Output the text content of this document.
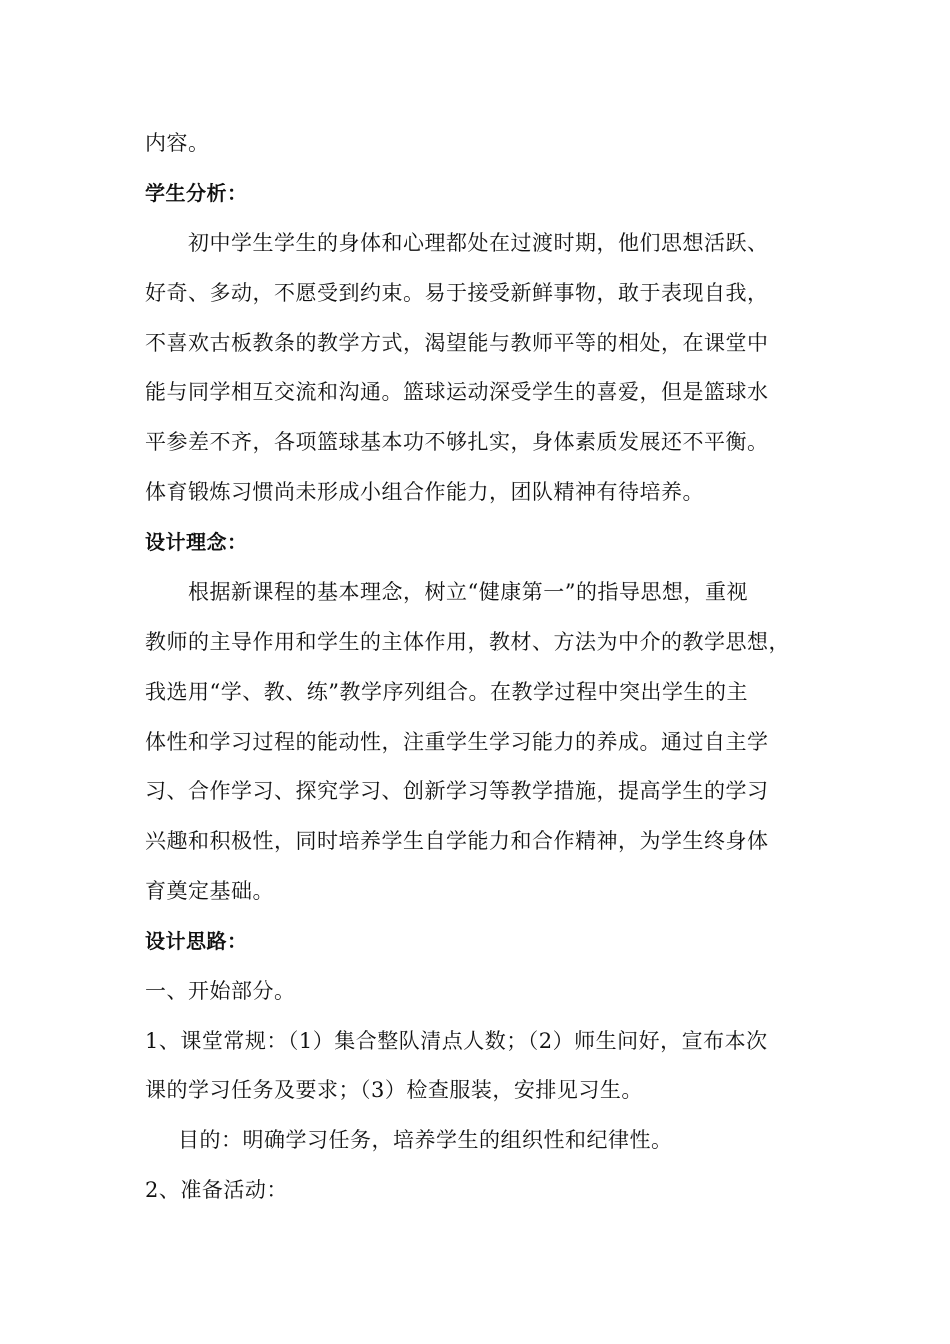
内容。
学生分析：
初中学生学生的身体和心理都处在过渡时期，他们思想活跃、
好奇、多动，不愿受到约束。易于接受新鲜事物，敢于表现自我，
不喜欢古板教条的教学方式，渴望能与教师平等的相处，在课堂中
能与同学相互交流和沟通。篮球运动深受学生的喜爱，但是篮球水
平参差不齐，各项篮球基本功不够扎实，身体素质发展还不平衡。
体育锻炼习惯尚未形成小组合作能力，团队精神有待培养。
设计理念：
根据新课程的基本理念，树立“健康第一”的指导思想，重视
教师的主导作用和学生的主体作用，教材、方法为中介的教学思想，
我选用“学、教、练”教学序列组合。在教学过程中突出学生的主
体性和学习过程的能动性，注重学生学习能力的养成。通过自主学
习、合作学习、探究学习、创新学习等教学措施，提高学生的学习
兴趣和积极性，同时培养学生自学能力和合作精神，为学生终身体
育奠定基础。
设计思路：
一、开始部分。
1、课堂常规：（1）集合整队清点人数；（2）师生问好，宣布本次
课的学习任务及要求；（3）检查服装，安排见习生。
目的：明确学习任务，培养学生的组织性和纪律性。
2、准备活动：
